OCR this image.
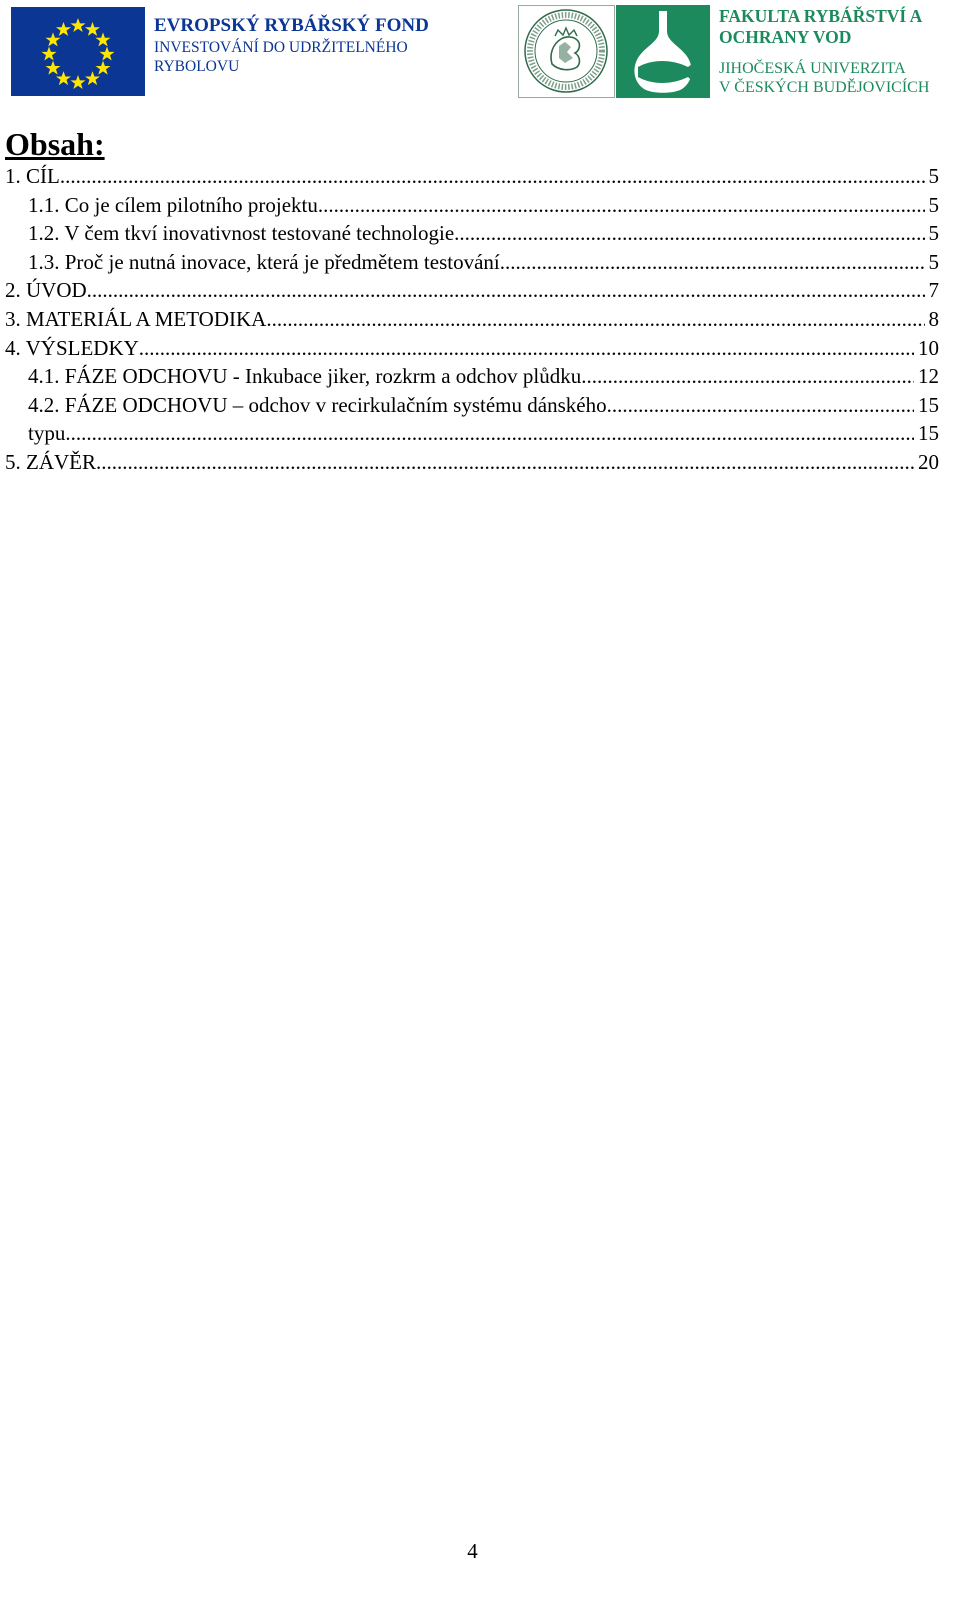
EVROPSKÝ RYBÁŘSKÝ FOND
INVESTOVÁNÍ DO UDRŽITELNÉHO
RYBOLOVU
FAKULTA RYBÁŘSTVÍ A
OCHRANY VOD
JIHOČESKÁ UNIVERZITA
V ČESKÝCH BUDĚJOVICÍCH
Obsah:
1. CÍL .....	5
1.1. Co je cílem pilotního projektu .....	5
1.2. V čem tkví inovativnost testované technologie .....	5
1.3. Proč je nutná inovace, která je předmětem testování .....	5
2. ÚVOD .....	7
3. MATERIÁL A METODIKA .....	8
4. VÝSLEDKY .....	10
4.1. FÁZE ODCHOVU - Inkubace jiker, rozkrm a odchov plůdku .....	12
4.2. FÁZE ODCHOVU – odchov v recirkulačním systému dánského .....	15
typu .....	15
5. ZÁVĚR .....	20
4
